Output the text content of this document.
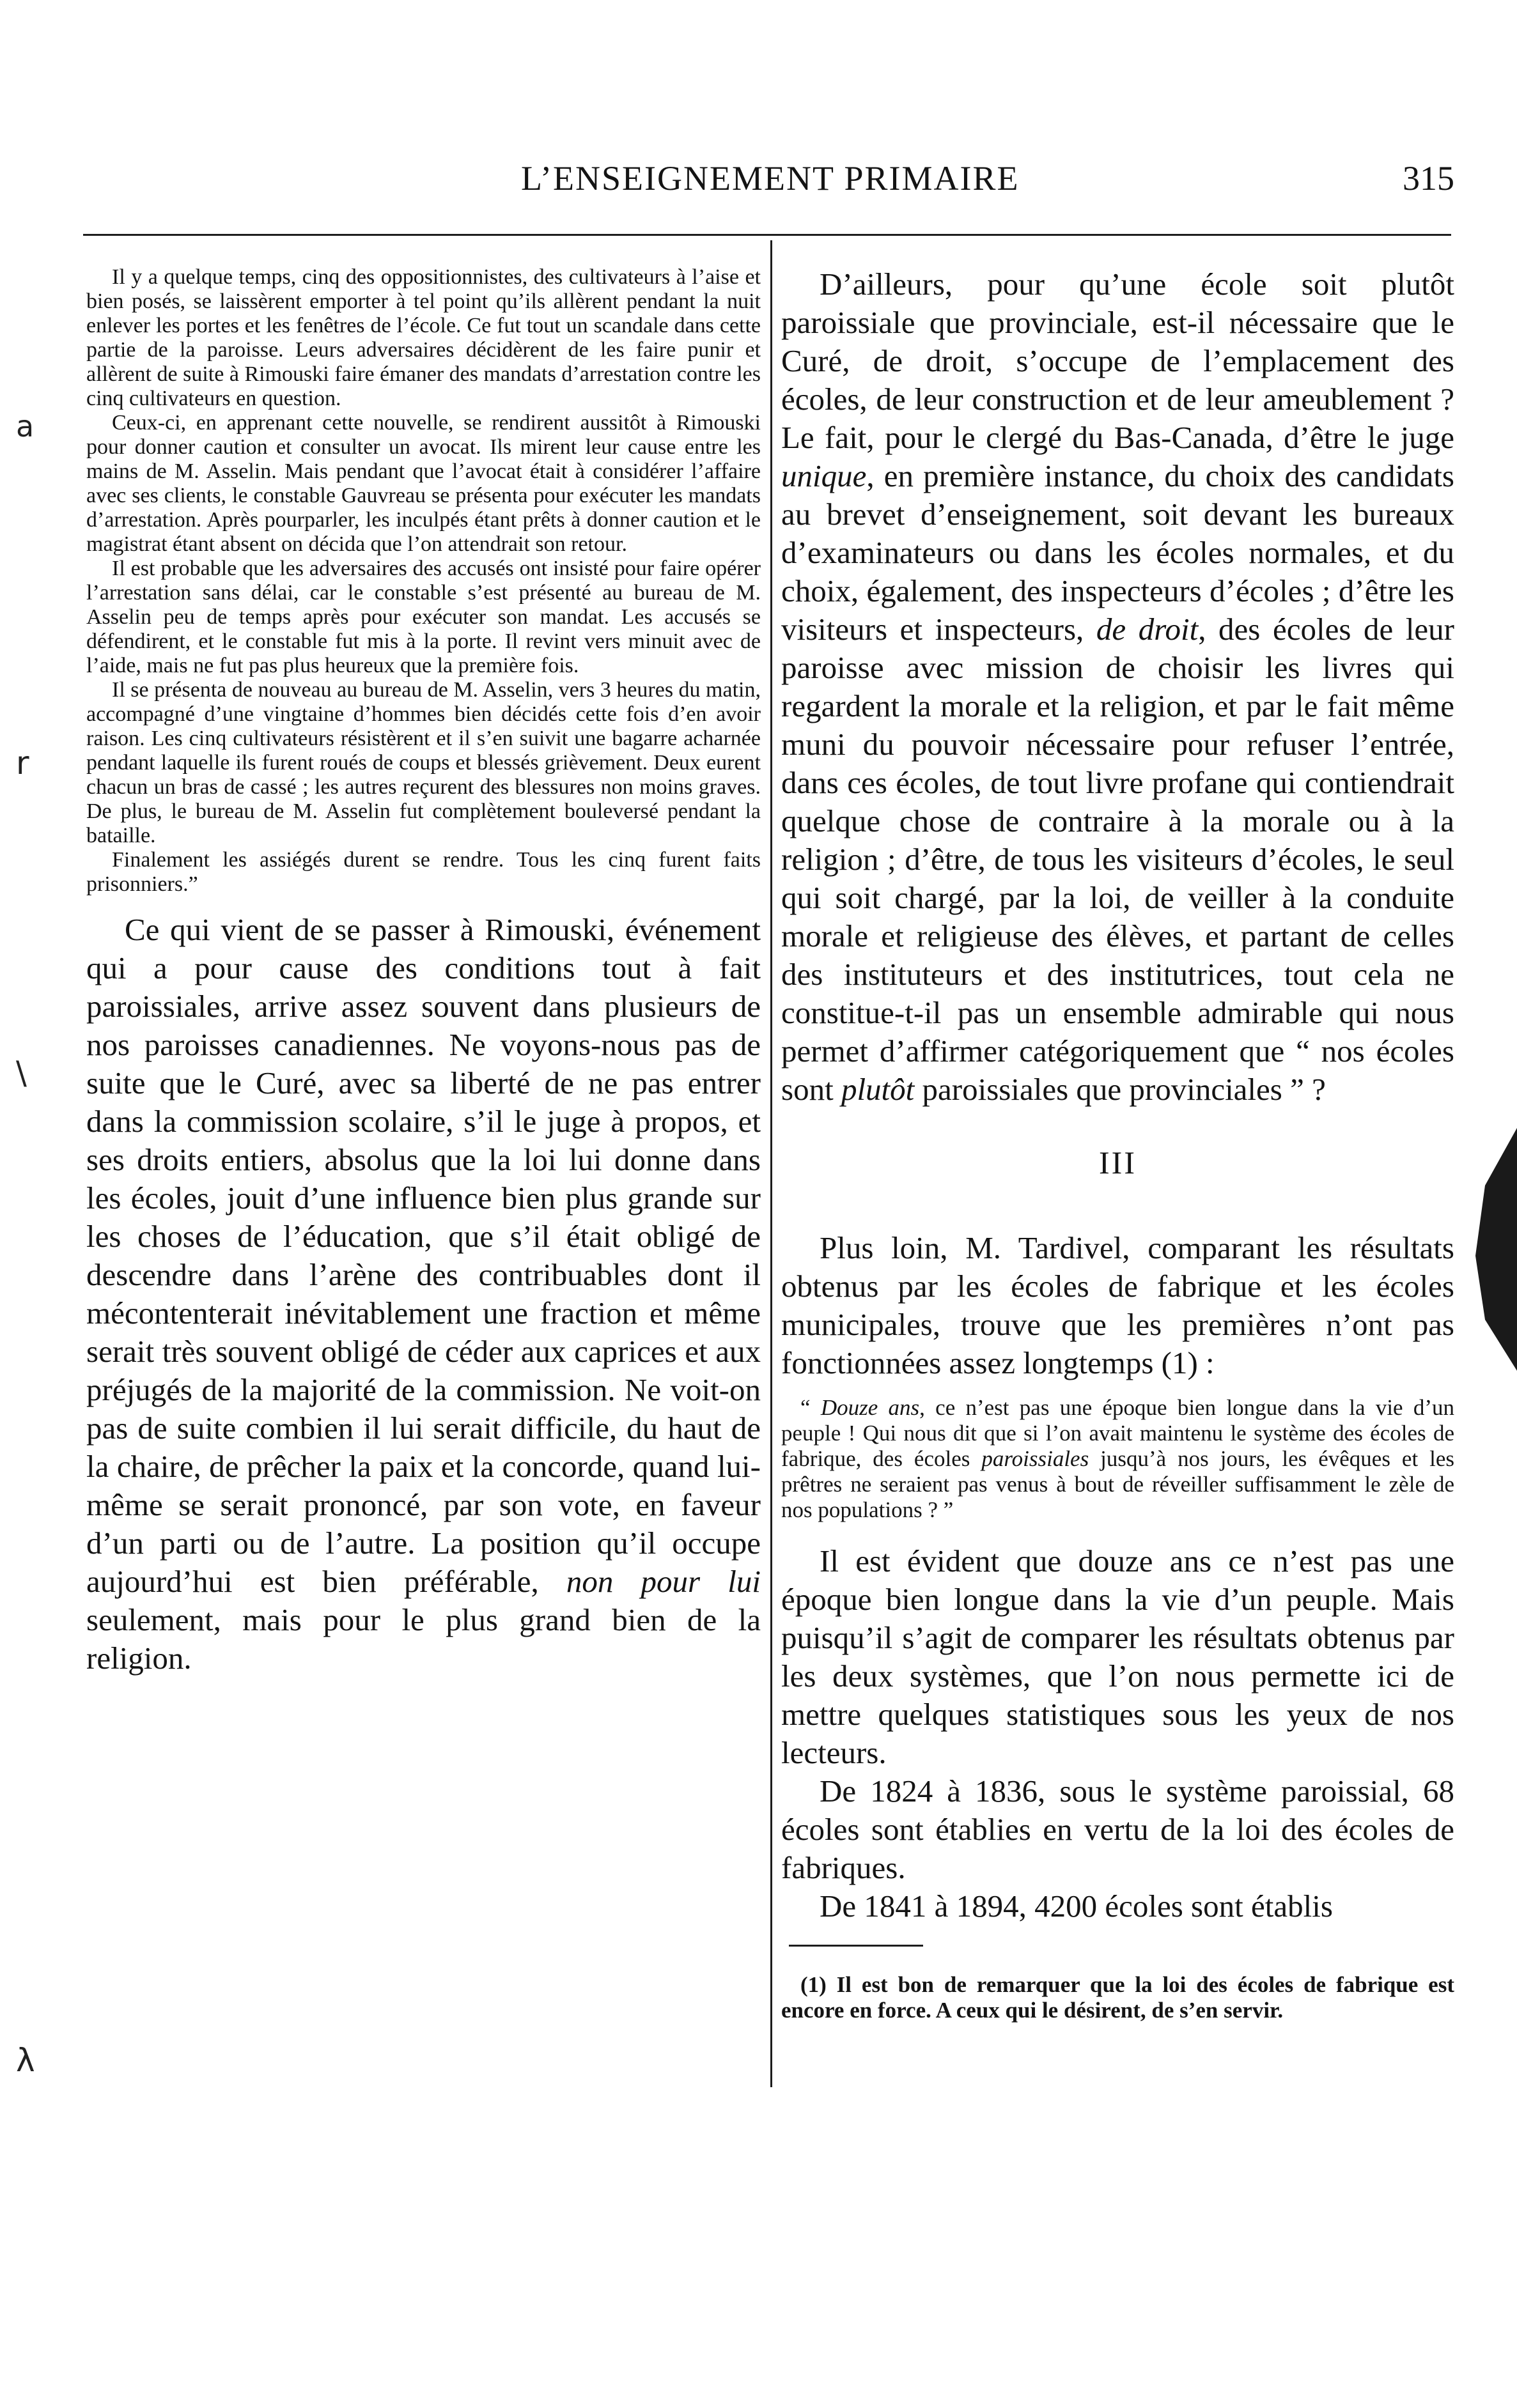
L’ENSEIGNEMENT PRIMAIRE	315

Il y a quelque temps, cinq des oppositionnistes, des cultivateurs à l’aise et bien posés, se laissèrent emporter à tel point qu’ils allèrent pendant la nuit enlever les portes et les fenêtres de l’école. Ce fut tout un scandale dans cette partie de la paroisse. Leurs adversaires décidèrent de les faire punir et allèrent de suite à Rimouski faire émaner des mandats d’arrestation contre les cinq cultivateurs en question.

Ceux-ci, en apprenant cette nouvelle, se rendirent aussitôt à Rimouski pour donner caution et consulter un avocat. Ils mirent leur cause entre les mains de M. Asselin. Mais pendant que l’avocat était à considérer l’affaire avec ses clients, le constable Gauvreau se présenta pour exécuter les mandats d’arrestation. Après pourparler, les inculpés étant prêts à donner caution et le magistrat étant absent on décida que l’on attendrait son retour.

Il est probable que les adversaires des accusés ont insisté pour faire opérer l’arrestation sans délai, car le constable s’est présenté au bureau de M. Asselin peu de temps après pour exécuter son mandat. Les accusés se défendirent, et le constable fut mis à la porte. Il revint vers minuit avec de l’aide, mais ne fut pas plus heureux que la première fois.

Il se présenta de nouveau au bureau de M. Asselin, vers 3 heures du matin, accompagné d’une vingtaine d’hommes bien décidés cette fois d’en avoir raison. Les cinq cultivateurs résistèrent et il s’en suivit une bagarre acharnée pendant laquelle ils furent roués de coups et blessés grièvement. Deux eurent chacun un bras de cassé ; les autres reçurent des blessures non moins graves. De plus, le bureau de M. Asselin fut complètement bouleversé pendant la bataille.

Finalement les assiégés durent se rendre. Tous les cinq furent faits prisonniers.”

Ce qui vient de se passer à Rimouski, événement qui a pour cause des conditions tout à fait paroissiales, arrive assez souvent dans plusieurs de nos paroisses canadiennes. Ne voyons-nous pas de suite que le Curé, avec sa liberté de ne pas entrer dans la commission scolaire, s’il le juge à propos, et ses droits entiers, absolus que la loi lui donne dans les écoles, jouit d’une influence bien plus grande sur les choses de l’éducation, que s’il était obligé de descendre dans l’arène des contribuables dont il mécontenterait inévitablement une fraction et même serait très souvent obligé de céder aux caprices et aux préjugés de la majorité de la commission. Ne voit-on pas de suite combien il lui serait difficile, du haut de la chaire, de prêcher la paix et la concorde, quand lui-même se serait prononcé, par son vote, en faveur d’un parti ou de l’autre. La position qu’il occupe aujourd’hui est bien préférable, non pour lui seulement, mais pour le plus grand bien de la religion.

D’ailleurs, pour qu’une école soit plutôt paroissiale que provinciale, est-il nécessaire que le Curé, de droit, s’occupe de l’emplacement des écoles, de leur construction et de leur ameublement ? Le fait, pour le clergé du Bas-Canada, d’être le juge unique, en première instance, du choix des candidats au brevet d’enseignement, soit devant les bureaux d’examinateurs ou dans les écoles normales, et du choix, également, des inspecteurs d’écoles ; d’être les visiteurs et inspecteurs, de droit, des écoles de leur paroisse avec mission de choisir les livres qui regardent la morale et la religion, et par le fait même muni du pouvoir nécessaire pour refuser l’entrée, dans ces écoles, de tout livre profane qui contiendrait quelque chose de contraire à la morale ou à la religion ; d’être, de tous les visiteurs d’écoles, le seul qui soit chargé, par la loi, de veiller à la conduite morale et religieuse des élèves, et partant de celles des instituteurs et des institutrices, tout cela ne constitue-t-il pas un ensemble admirable qui nous permet d’affirmer catégoriquement que “ nos écoles sont plutôt paroissiales que provinciales ” ?

III

Plus loin, M. Tardivel, comparant les résultats obtenus par les écoles de fabrique et les écoles municipales, trouve que les premières n’ont pas fonctionnées assez longtemps (1) :

“ Douze ans, ce n’est pas une époque bien longue dans la vie d’un peuple ! Qui nous dit que si l’on avait maintenu le système des écoles de fabrique, des écoles paroissiales jusqu’à nos jours, les évêques et les prêtres ne seraient pas venus à bout de réveiller suffisamment le zèle de nos populations ? ”

Il est évident que douze ans ce n’est pas une époque bien longue dans la vie d’un peuple. Mais puisqu’il s’agit de comparer les résultats obtenus par les deux systèmes, que l’on nous permette ici de mettre quelques statistiques sous les yeux de nos lecteurs.

De 1824 à 1836, sous le système paroissial, 68 écoles sont établies en vertu de la loi des écoles de fabriques.

De 1841 à 1894, 4200 écoles sont établis

(1) Il est bon de remarquer que la loi des écoles de fabrique est encore en force. A ceux qui le désirent, de s’en servir.

a
r
\
λ
